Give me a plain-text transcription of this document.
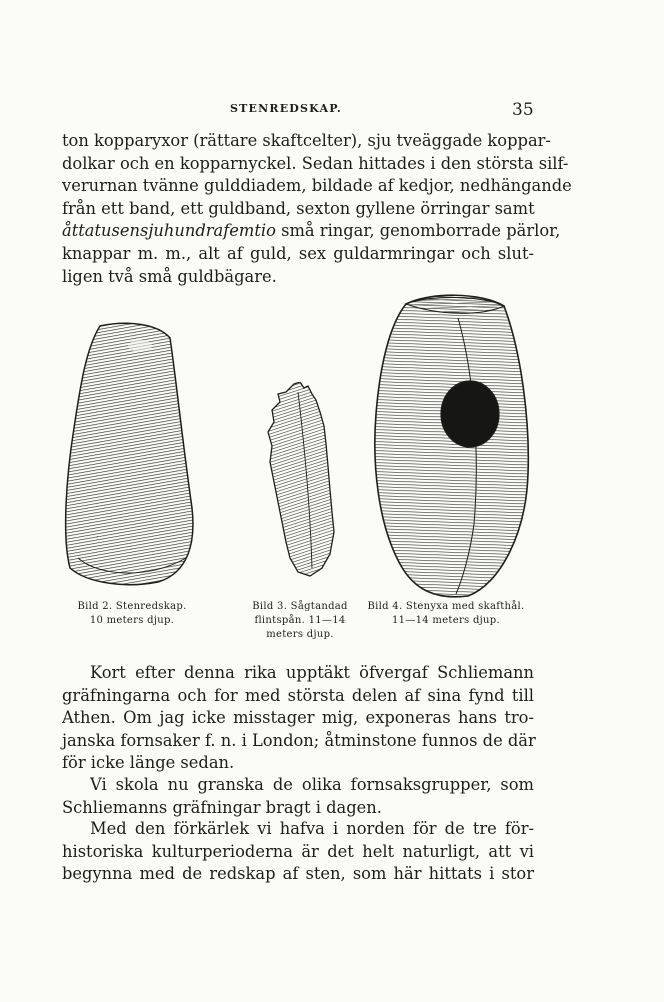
STENREDSKAP.	35
ton kopparyxor (rättare skaftcelter), sju tveäggade koppar-
dolkar och en kopparnyckel. Sedan hittades i den största silf-
verurnan tvänne gulddiadem, bildade af kedjor, nedhängande
från ett band, ett guldband, sexton gyllene örringar samt
åttatusensjuhundrafemtio små ringar, genomborrade pärlor,
knappar m. m., alt af guld, sex guldarmringar och slut-
ligen två små guldbägare.
Bild 2. Stenredskap.
10 meters djup.
Bild 3. Sågtandad
flintspån. 11—14
meters djup.
Bild 4. Stenyxa med skafthål.
11—14 meters djup.
Kort efter denna rika upptäkt öfvergaf Schliemann
gräfningarna och for med största delen af sina fynd till
Athen. Om jag icke misstager mig, exponeras hans tro-
janska fornsaker f. n. i London; åtminstone funnos de där
för icke länge sedan.
Vi skola nu granska de olika fornsaksgrupper, som
Schliemanns gräfningar bragt i dagen.
Med den förkärlek vi hafva i norden för de tre för-
historiska kulturperioderna är det helt naturligt, att vi
begynna med de redskap af sten, som här hittats i stor
